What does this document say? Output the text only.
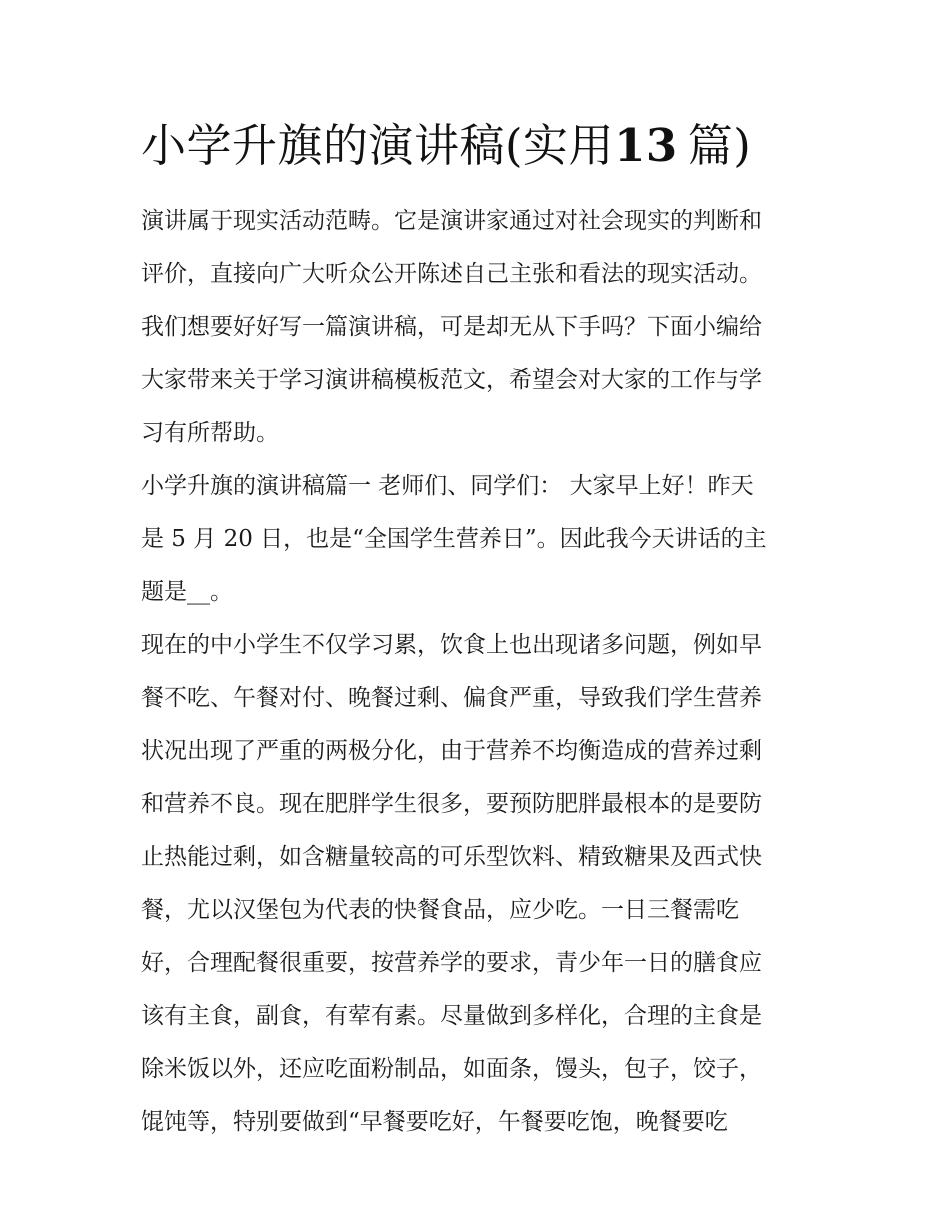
小学升旗的演讲稿(实用13 篇)
演讲属于现实活动范畴。它是演讲家通过对社会现实的判断和
评价，直接向广大听众公开陈述自己主张和看法的现实活动。
我们想要好好写一篇演讲稿，可是却无从下手吗？下面小编给
大家带来关于学习演讲稿模板范文，希望会对大家的工作与学
习有所帮助。
小学升旗的演讲稿篇一 老师们、同学们： 大家早上好！昨天
是 5 月 20 日，也是“全国学生营养日”。因此我今天讲话的主
题是__。
现在的中小学生不仅学习累，饮食上也出现诸多问题，例如早
餐不吃、午餐对付、晚餐过剩、偏食严重，导致我们学生营养
状况出现了严重的两极分化，由于营养不均衡造成的营养过剩
和营养不良。现在肥胖学生很多，要预防肥胖最根本的是要防
止热能过剩，如含糖量较高的可乐型饮料、精致糖果及西式快
餐，尤以汉堡包为代表的快餐食品，应少吃。一日三餐需吃
好，合理配餐很重要，按营养学的要求，青少年一日的膳食应
该有主食，副食，有荤有素。尽量做到多样化，合理的主食是
除米饭以外，还应吃面粉制品，如面条，馒头，包子，饺子，
馄饨等，特别要做到“早餐要吃好，午餐要吃饱，晚餐要吃
